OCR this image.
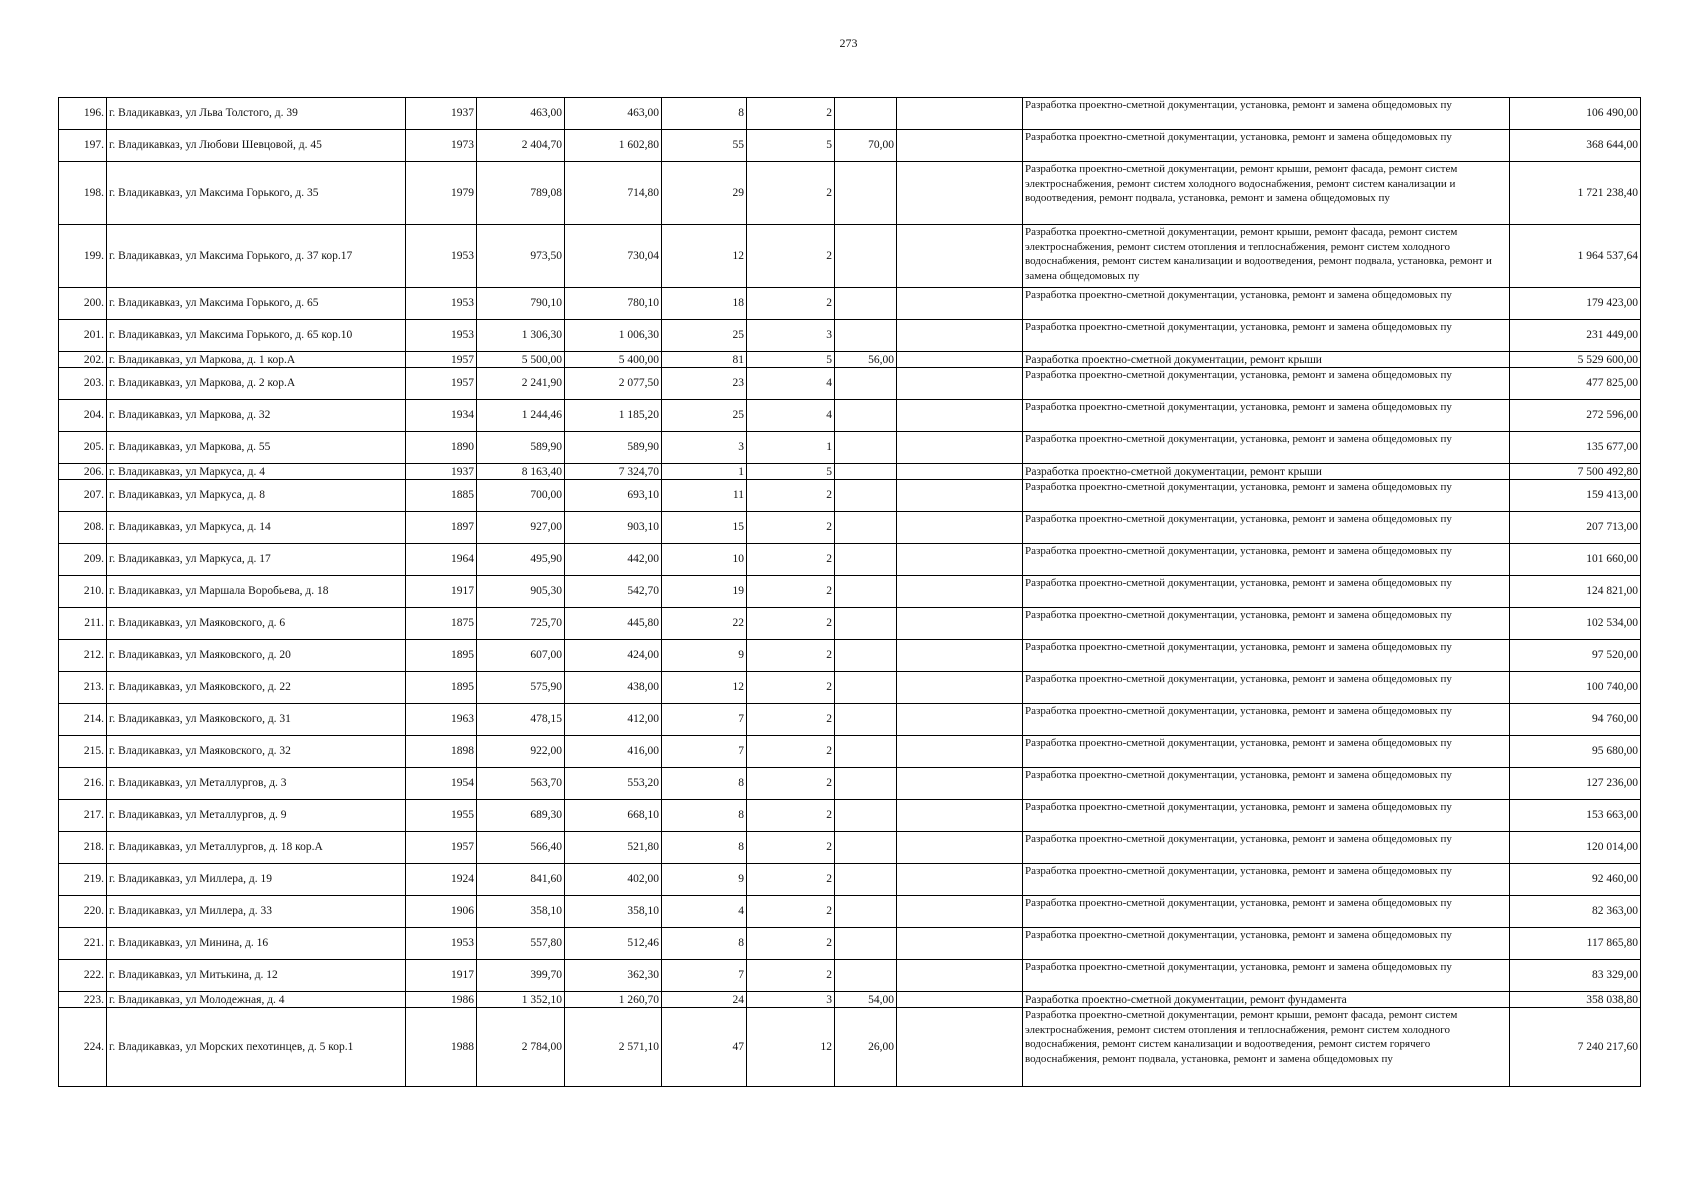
273
196.	г. Владикавказ, ул Льва Толстого, д. 39	1937	463,00	463,00	8	2			Разработка проектно-сметной документации, установка, ремонт и замена общедомовых пу	106 490,00
197.	г. Владикавказ, ул Любови Шевцовой, д. 45	1973	2 404,70	1 602,80	55	5	70,00		Разработка проектно-сметной документации, установка, ремонт и замена общедомовых пу	368 644,00
198.	г. Владикавказ, ул Максима Горького, д. 35	1979	789,08	714,80	29	2			Разработка проектно-сметной документации, ремонт крыши, ремонт фасада, ремонт систем электроснабжения, ремонт систем холодного водоснабжения, ремонт систем канализации и водоотведения, ремонт подвала, установка, ремонт и замена общедомовых пу	1 721 238,40
199.	г. Владикавказ, ул Максима Горького, д. 37 кор.17	1953	973,50	730,04	12	2			Разработка проектно-сметной документации, ремонт крыши, ремонт фасада, ремонт систем электроснабжения, ремонт систем отопления и теплоснабжения, ремонт систем холодного водоснабжения, ремонт систем канализации и водоотведения, ремонт подвала, установка, ремонт и замена общедомовых пу	1 964 537,64
200.	г. Владикавказ, ул Максима Горького, д. 65	1953	790,10	780,10	18	2			Разработка проектно-сметной документации, установка, ремонт и замена общедомовых пу	179 423,00
201.	г. Владикавказ, ул Максима Горького, д. 65 кор.10	1953	1 306,30	1 006,30	25	3			Разработка проектно-сметной документации, установка, ремонт и замена общедомовых пу	231 449,00
202.	г. Владикавказ, ул Маркова, д. 1 кор.А	1957	5 500,00	5 400,00	81	5	56,00		Разработка проектно-сметной документации, ремонт крыши	5 529 600,00
203.	г. Владикавказ, ул Маркова, д. 2 кор.А	1957	2 241,90	2 077,50	23	4			Разработка проектно-сметной документации, установка, ремонт и замена общедомовых пу	477 825,00
204.	г. Владикавказ, ул Маркова, д. 32	1934	1 244,46	1 185,20	25	4			Разработка проектно-сметной документации, установка, ремонт и замена общедомовых пу	272 596,00
205.	г. Владикавказ, ул Маркова, д. 55	1890	589,90	589,90	3	1			Разработка проектно-сметной документации, установка, ремонт и замена общедомовых пу	135 677,00
206.	г. Владикавказ, ул Маркуса, д. 4	1937	8 163,40	7 324,70	1	5			Разработка проектно-сметной документации, ремонт крыши	7 500 492,80
207.	г. Владикавказ, ул Маркуса, д. 8	1885	700,00	693,10	11	2			Разработка проектно-сметной документации, установка, ремонт и замена общедомовых пу	159 413,00
208.	г. Владикавказ, ул Маркуса, д. 14	1897	927,00	903,10	15	2			Разработка проектно-сметной документации, установка, ремонт и замена общедомовых пу	207 713,00
209.	г. Владикавказ, ул Маркуса, д. 17	1964	495,90	442,00	10	2			Разработка проектно-сметной документации, установка, ремонт и замена общедомовых пу	101 660,00
210.	г. Владикавказ, ул Маршала Воробьева, д. 18	1917	905,30	542,70	19	2			Разработка проектно-сметной документации, установка, ремонт и замена общедомовых пу	124 821,00
211.	г. Владикавказ, ул Маяковского, д. 6	1875	725,70	445,80	22	2			Разработка проектно-сметной документации, установка, ремонт и замена общедомовых пу	102 534,00
212.	г. Владикавказ, ул Маяковского, д. 20	1895	607,00	424,00	9	2			Разработка проектно-сметной документации, установка, ремонт и замена общедомовых пу	97 520,00
213.	г. Владикавказ, ул Маяковского, д. 22	1895	575,90	438,00	12	2			Разработка проектно-сметной документации, установка, ремонт и замена общедомовых пу	100 740,00
214.	г. Владикавказ, ул Маяковского, д. 31	1963	478,15	412,00	7	2			Разработка проектно-сметной документации, установка, ремонт и замена общедомовых пу	94 760,00
215.	г. Владикавказ, ул Маяковского, д. 32	1898	922,00	416,00	7	2			Разработка проектно-сметной документации, установка, ремонт и замена общедомовых пу	95 680,00
216.	г. Владикавказ, ул Металлургов, д. 3	1954	563,70	553,20	8	2			Разработка проектно-сметной документации, установка, ремонт и замена общедомовых пу	127 236,00
217.	г. Владикавказ, ул Металлургов, д. 9	1955	689,30	668,10	8	2			Разработка проектно-сметной документации, установка, ремонт и замена общедомовых пу	153 663,00
218.	г. Владикавказ, ул Металлургов, д. 18 кор.А	1957	566,40	521,80	8	2			Разработка проектно-сметной документации, установка, ремонт и замена общедомовых пу	120 014,00
219.	г. Владикавказ, ул Миллера, д. 19	1924	841,60	402,00	9	2			Разработка проектно-сметной документации, установка, ремонт и замена общедомовых пу	92 460,00
220.	г. Владикавказ, ул Миллера, д. 33	1906	358,10	358,10	4	2			Разработка проектно-сметной документации, установка, ремонт и замена общедомовых пу	82 363,00
221.	г. Владикавказ, ул Минина, д. 16	1953	557,80	512,46	8	2			Разработка проектно-сметной документации, установка, ремонт и замена общедомовых пу	117 865,80
222.	г. Владикавказ, ул Митькина, д. 12	1917	399,70	362,30	7	2			Разработка проектно-сметной документации, установка, ремонт и замена общедомовых пу	83 329,00
223.	г. Владикавказ, ул Молодежная, д. 4	1986	1 352,10	1 260,70	24	3	54,00		Разработка проектно-сметной документации, ремонт фундамента	358 038,80
224.	г. Владикавказ, ул Морских пехотинцев, д. 5 кор.1	1988	2 784,00	2 571,10	47	12	26,00		Разработка проектно-сметной документации, ремонт крыши, ремонт фасада, ремонт систем электроснабжения, ремонт систем отопления и теплоснабжения, ремонт систем холодного водоснабжения, ремонт систем канализации и водоотведения, ремонт систем горячего водоснабжения, ремонт подвала, установка, ремонт и замена общедомовых пу	7 240 217,60
